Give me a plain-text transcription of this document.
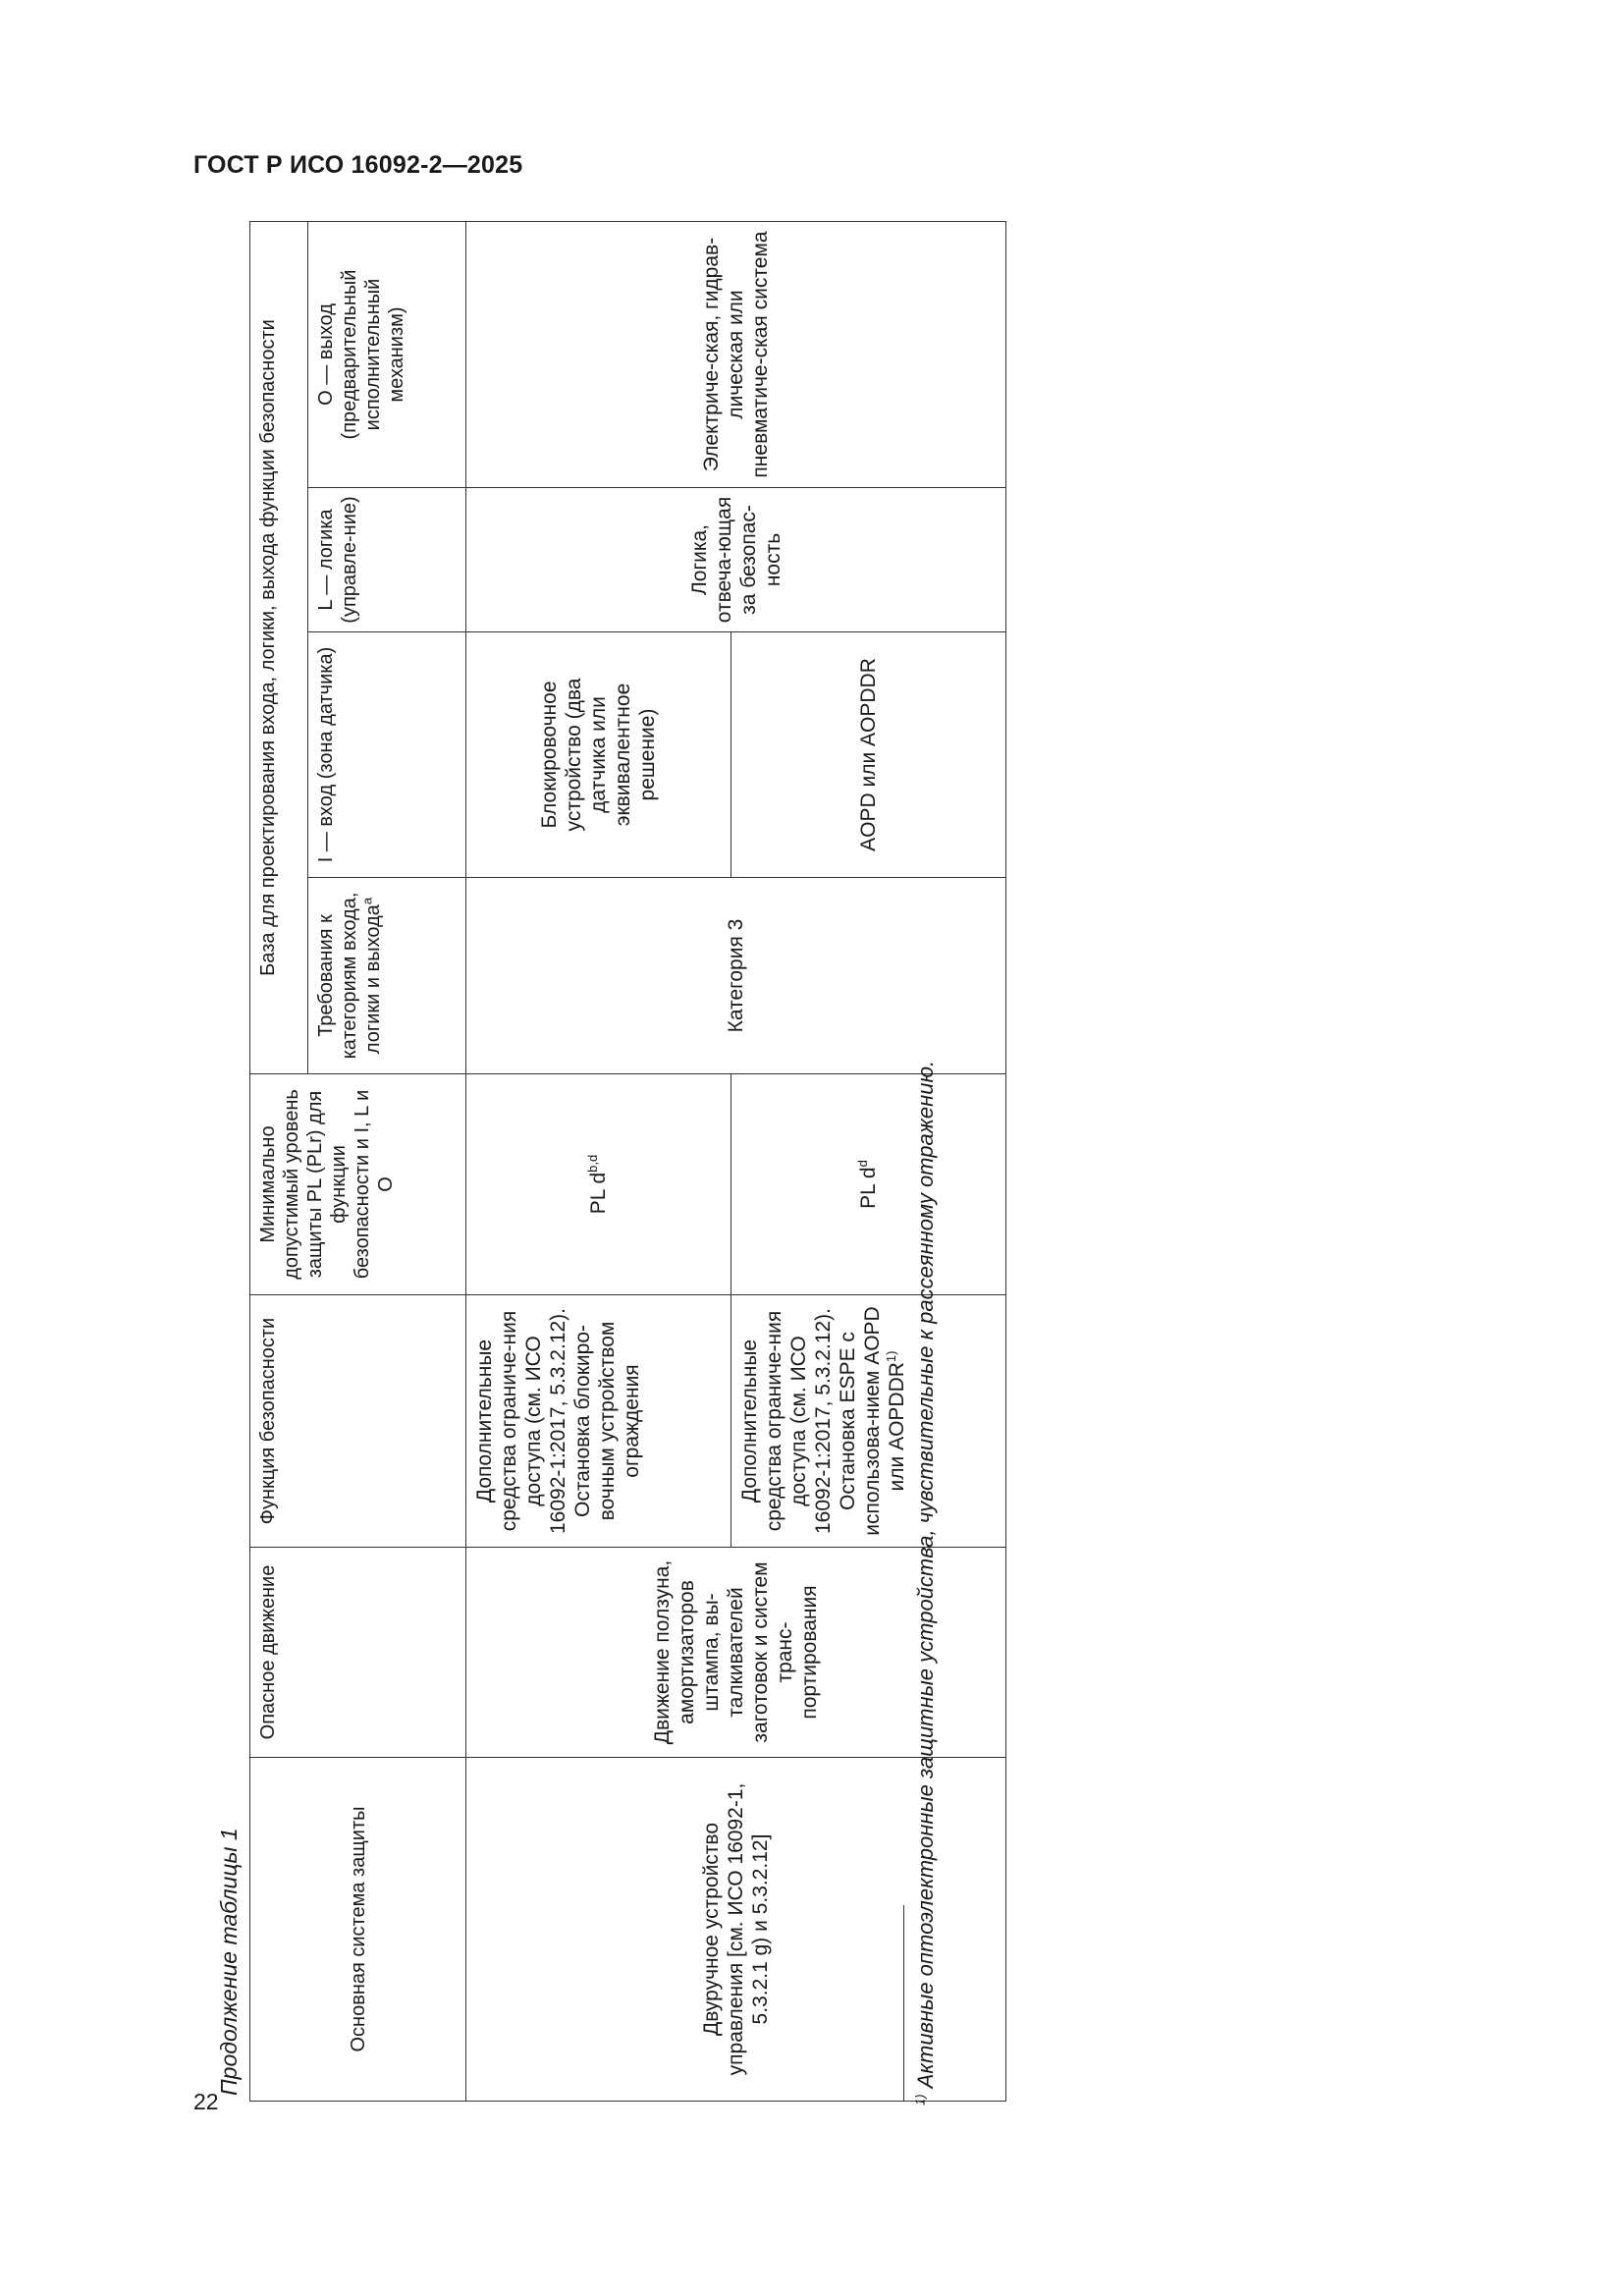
ГОСТ Р ИСО 16092-2—2025
22
Продолжение таблицы 1	Основная система защиты	Опасное движение	Функция безопасности	Минимально допустимый уровень защиты PL (PLr) для функции безопасности и I, L и O	База для проектирования входа, логики, выхода функции безопасности			
				Требования к категориям входа, логики и выхода$^a$	I — вход (зона датчика)	L — логика (управле-ние)	O — выход (предварительный исполнительный механизм)
Двуручное устройство управления [см. ИСО 16092-1, 5.3.2.1 g) и 5.3.2.12]	Движение ползуна, амортизаторов штампа, вы-талкивателей заготовок и систем транс-портирования	Дополнительные средства ограниче-ния доступа (см. ИСО 16092-1:2017, 5.3.2.12). Остановка блокиро-вочным устройством ограждения	PL $d^{b,d}$	Категория 3	Блокировочное устройство (два датчика или эквивалентное решение)	Логика, отвеча-ющая за безопас-ность	Электриче-ская, гидрав-лическая или пневматиче-ская система
		Дополнительные средства ограниче-ния доступа (см. ИСО 16092-1:2017, 5.3.2.12). Остановка ESPE с использова-нием AOPD или AOPDDR$^{1)}$	PL $d^d$		AOPD или AOPDDR		
$^{1)}$ Активные оптоэлектронные защитные устройства, чувствительные к рассеянному отражению.
